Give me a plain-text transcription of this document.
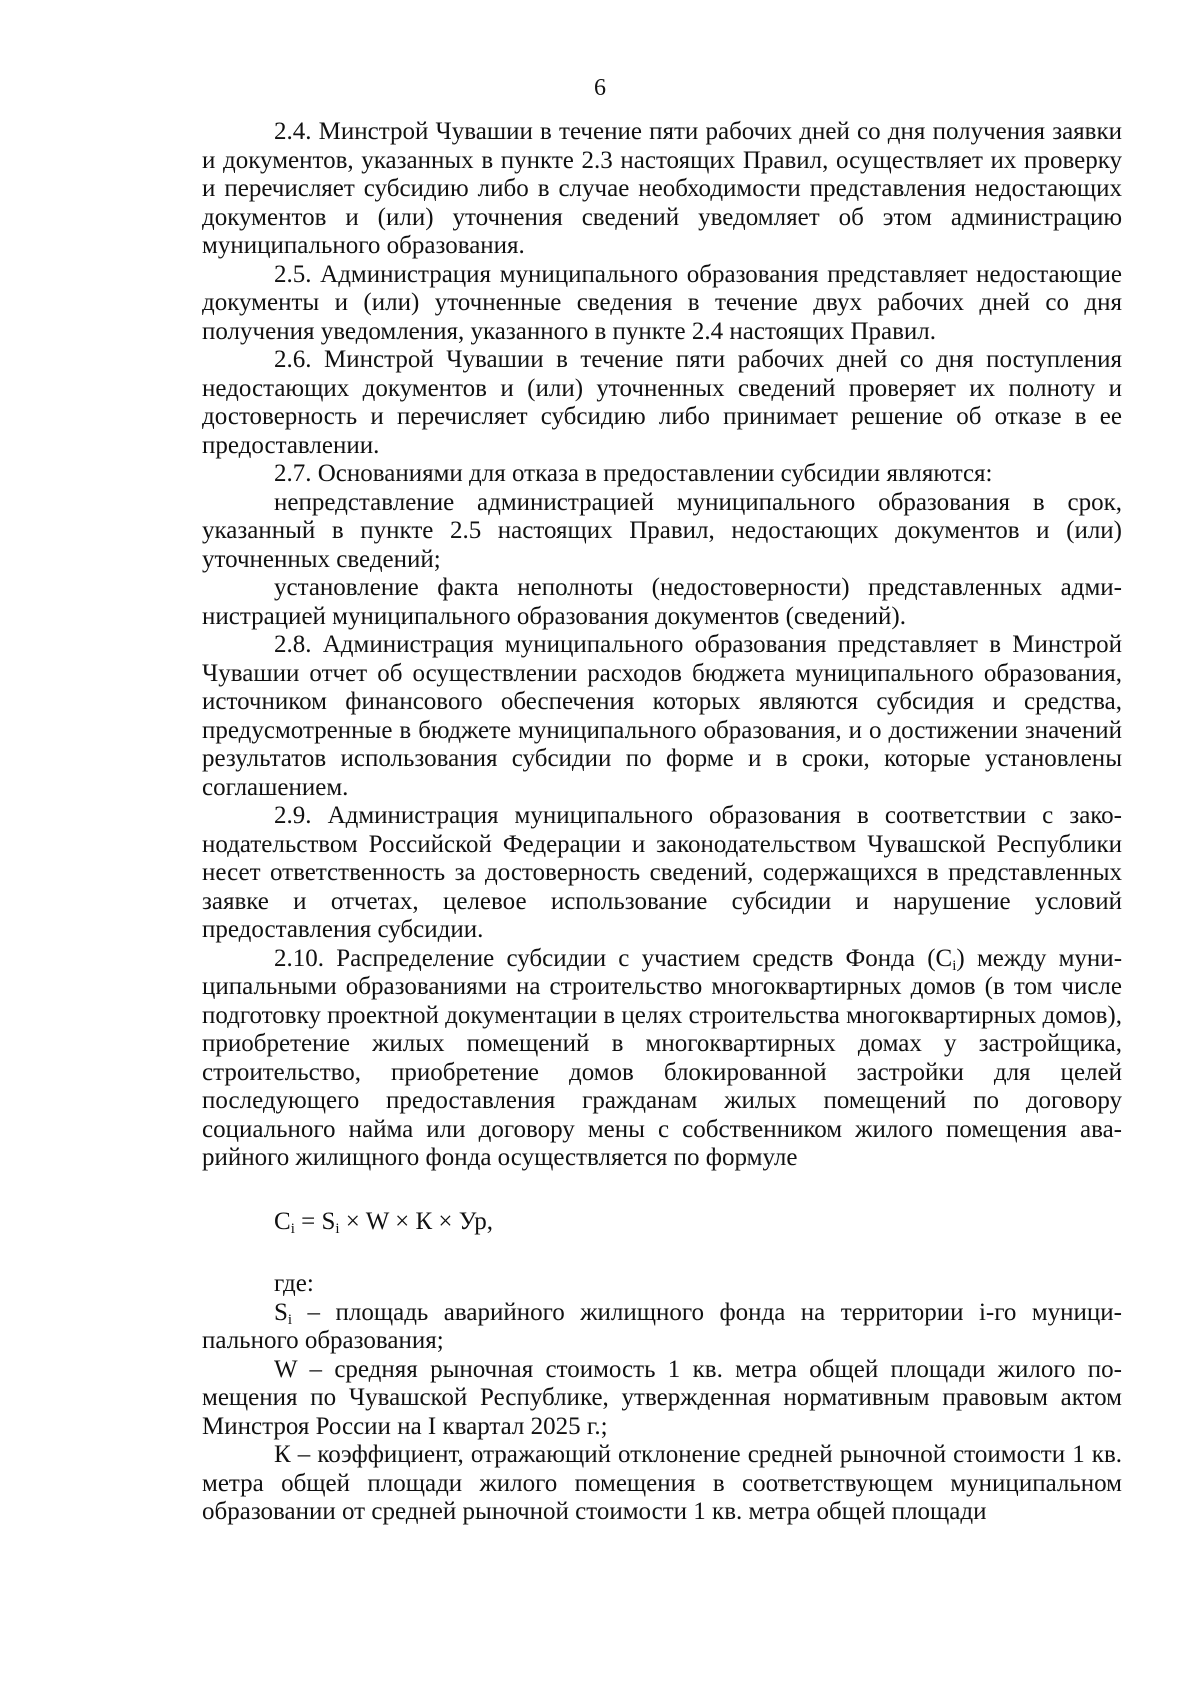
6

2.4. Минстрой Чувашии в течение пяти рабочих дней со дня получения заявки и документов, указанных в пункте 2.3 настоящих Правил, осуществляет их проверку и перечисляет субсидию либо в случае необходимости представления недостающих документов и (или) уточнения сведений уведомляет об этом администрацию муниципального образования.

2.5. Администрация муниципального образования представляет недостающие документы и (или) уточненные сведения в течение двух рабочих дней со дня получения уведомления, указанного в пункте 2.4 настоящих Правил.

2.6. Минстрой Чувашии в течение пяти рабочих дней со дня поступления недостающих документов и (или) уточненных сведений проверяет их полноту и достоверность и перечисляет субсидию либо принимает решение об отказе в ее предоставлении.

2.7. Основаниями для отказа в предоставлении субсидии являются:

непредставление администрацией муниципального образования в срок, указанный в пункте 2.5 настоящих Правил, недостающих документов и (или) уточненных сведений;

установление факта неполноты (недостоверности) представленных администрацией муниципального образования документов (сведений).

2.8. Администрация муниципального образования представляет в Минстрой Чувашии отчет об осуществлении расходов бюджета муниципального образования, источником финансового обеспечения которых являются субсидия и средства, предусмотренные в бюджете муниципального образования, и о достижении значений результатов использования субсидии по форме и в сроки, которые установлены соглашением.

2.9. Администрация муниципального образования в соответствии с законодательством Российской Федерации и законодательством Чувашской Республики несет ответственность за достоверность сведений, содержащихся в представленных заявке и отчетах, целевое использование субсидии и нарушение условий предоставления субсидии.

2.10. Распределение субсидии с участием средств Фонда $(C_i)$ между муниципальными образованиями на строительство многоквартирных домов (в том числе подготовку проектной документации в целях строительства многоквартирных домов), приобретение жилых помещений в многоквартирных домах у застройщика, строительство, приобретение домов блокированной застройки для целей последующего предоставления гражданам жилых помещений по договору социального найма или договору мены с собственником жилого помещения аварийного жилищного фонда осуществляется по формуле

$C_i = S_i \times W \times К$ × Ур,

где:

$S_i$ – площадь аварийного жилищного фонда на территории i-го муниципального образования;

W – средняя рыночная стоимость 1 кв. метра общей площади жилого помещения по Чувашской Республике, утвержденная нормативным правовым актом Минстроя России на I квартал 2025 г.;

К – коэффициент, отражающий отклонение средней рыночной стоимости 1 кв. метра общей площади жилого помещения в соответствующем муниципальном образовании от средней рыночной стоимости 1 кв. метра общей площади
